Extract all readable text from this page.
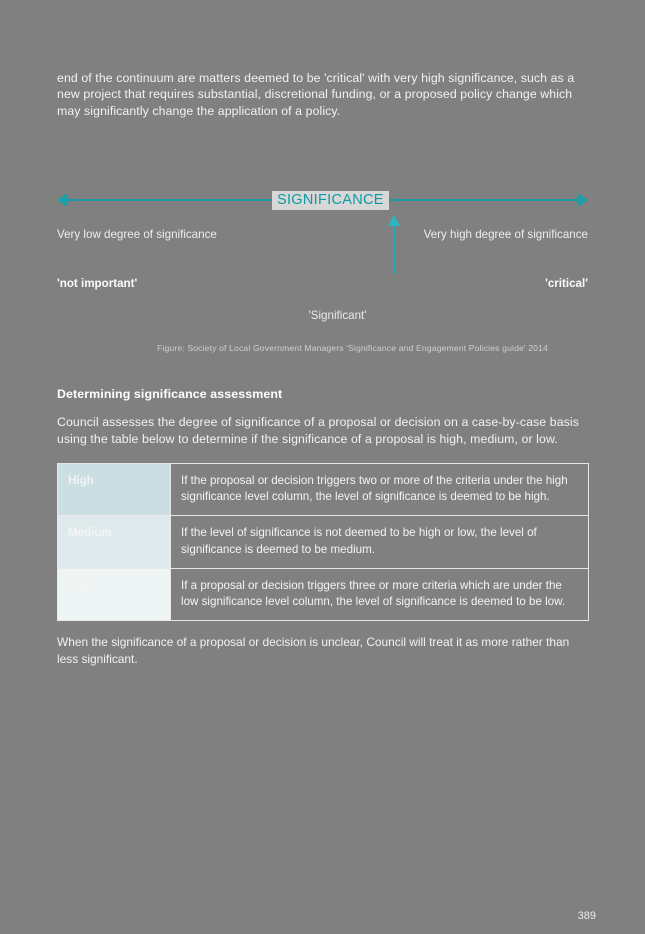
end of the continuum are matters deemed to be 'critical' with very high significance, such as a new project that requires substantial, discretional funding, or a proposed policy change which may significantly change the application of a policy.

SIGNIFICANCE
Very low degree of significance	Very high degree of significance
'not important'	'critical'
'Significant'

Figure: Society of Local Government Managers 'Significance and Engagement Policies guide' 2014

Determining significance assessment

Council assesses the degree of significance of a proposal or decision on a case-by-case basis using the table below to determine if the significance of a proposal is high, medium, or low.

High	If the proposal or decision triggers two or more of the criteria under the high significance level column, the level of significance is deemed to be high.
Medium	If the level of significance is not deemed to be high or low, the level of significance is deemed to be medium.
Low	If a proposal or decision triggers three or more criteria which are under the low significance level column, the level of significance is deemed to be low.

When the significance of a proposal or decision is unclear, Council will treat it as more rather than less significant.

389
